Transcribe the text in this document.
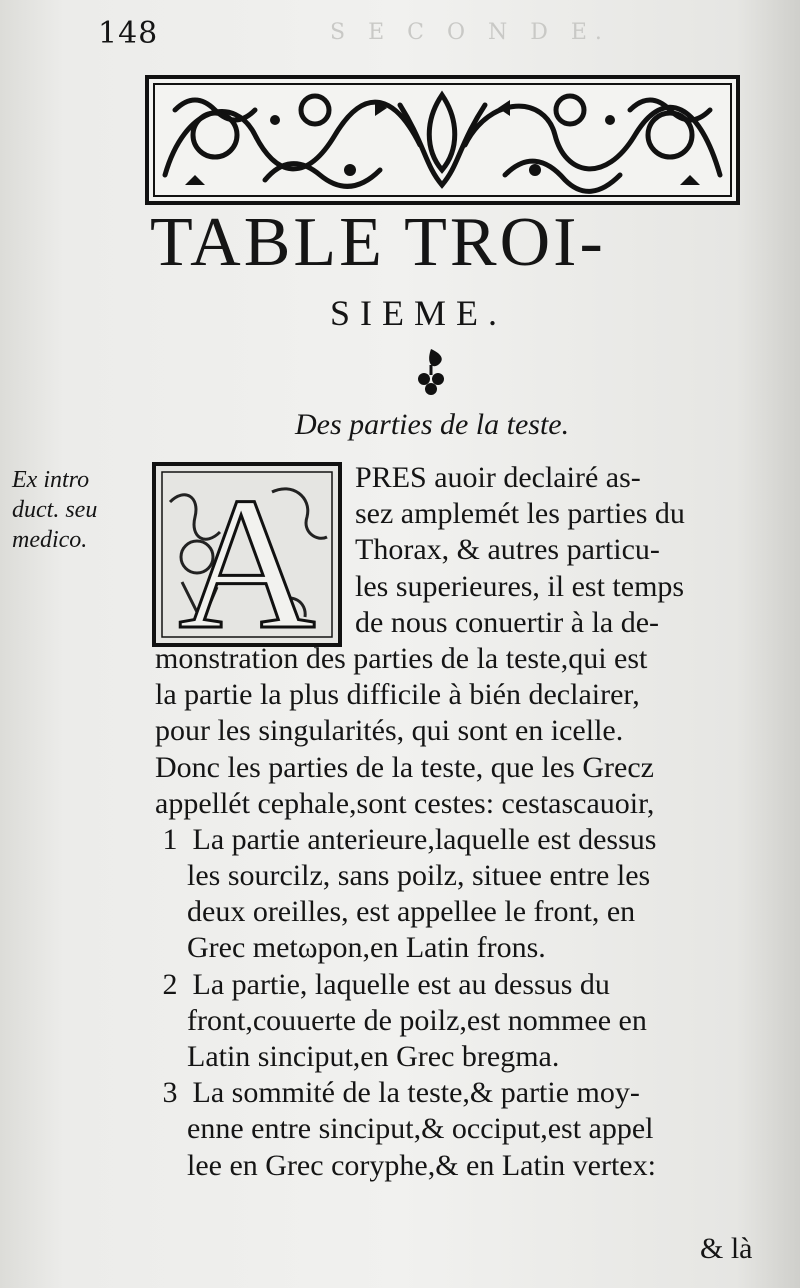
148	S E C O N D E.
TABLE TROI-
SIEME.
Des parties de la teste.
Ex intro
duct. seu
medico. A	PRES auoir declairé as-
sez amplemét les parties du
Thorax, & autres particu-
les superieures, il est temps
de nous conuertir à la de-
monstration des parties de la teste,qui est
la partie la plus difficile à bién declairer,
pour les singularités, qui sont en icelle.
Donc les parties de la teste, que les Grecz
appellét cephale,sont cestes: cestascauoir,
1 La partie anterieure,laquelle est dessus
les sourcilz, sans poilz, situee entre les
deux oreilles, est appellee le front, en
Grec metωpon,en Latin frons.
2 La partie, laquelle est au dessus du
front,couuerte de poilz,est nommee en
Latin sinciput,en Grec bregma.
3 La sommité de la teste,& partie moy-
enne entre sinciput,& occiput,est appel
lee en Grec coryphe,& en Latin vertex:
& là
